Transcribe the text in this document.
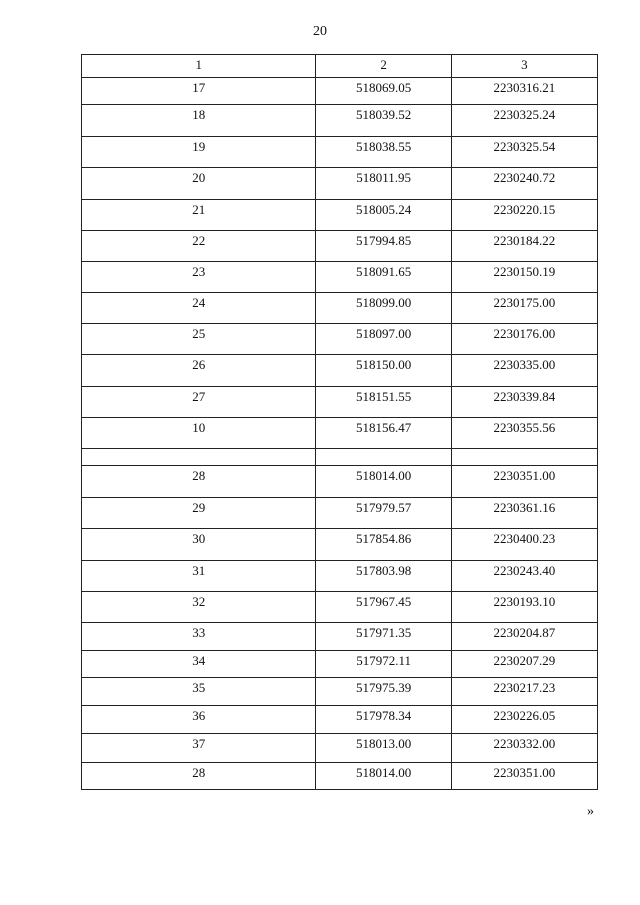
20
1	2	3
17	518069.05	2230316.21
18	518039.52	2230325.24
19	518038.55	2230325.54
20	518011.95	2230240.72
21	518005.24	2230220.15
22	517994.85	2230184.22
23	518091.65	2230150.19
24	518099.00	2230175.00
25	518097.00	2230176.00
26	518150.00	2230335.00
27	518151.55	2230339.84
10	518156.47	2230355.56

28	518014.00	2230351.00
29	517979.57	2230361.16
30	517854.86	2230400.23
31	517803.98	2230243.40
32	517967.45	2230193.10
33	517971.35	2230204.87
34	517972.11	2230207.29
35	517975.39	2230217.23
36	517978.34	2230226.05
37	518013.00	2230332.00
28	518014.00	2230351.00
»
